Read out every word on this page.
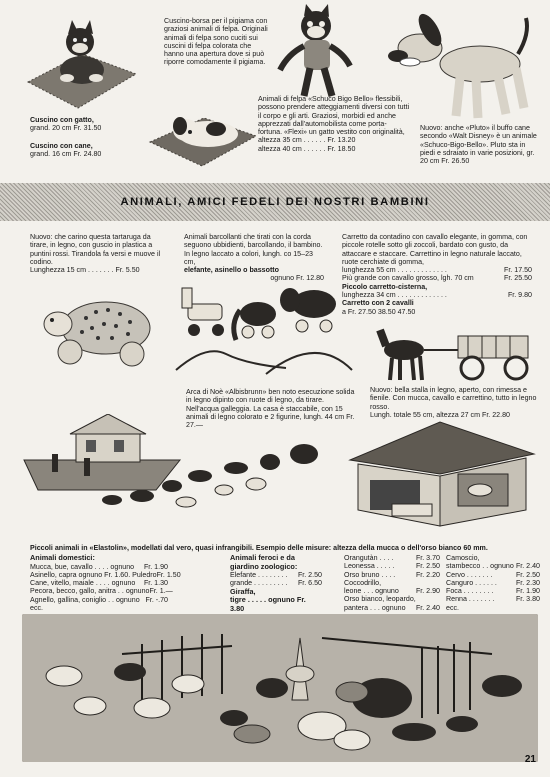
Cuscino-borsa per il pigiama con graziosi animali di felpa. Originali animali di felpa sono cuciti sui cuscini di felpa colorata che hanno una apertura dove si può riporre comodamente il pigiama.
Cuscino con gatto,
grand. 20 cm Fr. 31.50
Cuscino con cane,
grand. 16 cm Fr. 24.80
Animali di felpa «Schuco Bigo Bello» flessibili, possono prendere atteggiamenti diversi con tutti il corpo e gli arti. Graziosi, morbidi ed anche apprezzati dall'automobilista come porta-fortuna. «Flexi» un gatto vestito con originalità,
altezza 35 cm . . . . . . Fr. 13.20
altezza 40 cm . . . . . . Fr. 18.50
Nuovo: anche «Pluto» il buffo cane secondo «Walt Disney» è un animale «Schuco-Bigo-Bello». Pluto sta in piedi e sdraiato in varie posizioni, gr. 20 cm Fr. 26.50
ANIMALI, AMICI FEDELI DEI NOSTRI BAMBINI
Nuovo: che carino questa tartaruga da tirare, in legno, con guscio in plastica a puntini rossi. Tirandola fa versi e muove il codino.
Lunghezza 15 cm . . . . . . . Fr. 5.50
Animali barcollanti che tirati con la corda seguono ubbidienti, barcollando, il bambino. In legno laccato a colori, lungh. co 15–23 cm,
elefante, asinello o bassotto
ognuno Fr. 12.80
Carretto da contadino con cavallo elegante, in gomma, con piccole rotelle sotto gli zoccoli, bardato con gusto, da attaccare e staccare. Carrettino in legno naturale laccato, ruote cerchiate di gomma,
lunghezza 55 cm . . . . . . . . . . . . .	Fr. 17.50
Più grande con cavallo grosso, lgh. 70 cm	Fr. 25.50
Piccolo carretto-cisterna,
lunghezza 34 cm . . . . . . . . . . . . .	Fr. 9.80
Carretto con 2 cavalli
a Fr. 27.50 38.50 47.50
Arca di Noè «Albisbrunn» ben noto esecuzione solida in legno dipinto con ruote di legno, da tirare. Nell'acqua galleggia. La casa è staccabile, con 15 animali di legno colorato e 2 figurine, lungh. 44 cm Fr. 27.—
Nuovo: bella stalla in legno, aperto, con rimessa e fienile. Con mucca, cavallo e carrettino, tutto in legno rosso.
Lungh. totale 55 cm, altezza 27 cm Fr. 22.80
Piccoli animali in «Elastolin», modellati dal vero, quasi infrangibili. Esempio delle misure: altezza della mucca o dell'orso bianco 60 mm.
Animali domestici:
Mucca, bue, cavallo . . . . ognuno Fr. 1.90
Asinello, capra ognuno Fr. 1.60. Puledro Fr. 1.50
Cane, vitello, maiale . . . . ognuno Fr. 1.30
Pecora, becco, gallo, anitra . . ognuno Fr. 1.—
Agnello, gallina, coniglio . . ognuno Fr. -.70
ecc.
Animali feroci e da giardino zoologico:
Elefante . . . . . . . . Fr. 2.50
grande . . . . . . . . . Fr. 6.50
Giraffa,
tigre . . . . . ognuno Fr. 3.80
Orangutàn . . . .	Fr. 3.70
Leonessa . . . . .	Fr. 2.50
Orso bruno . . . .	Fr. 2.20
Coccodrillo,
leone . . . ognuno Fr. 2.90
Orso bianco, leopardo,
pantera . . . ognuno Fr. 2.40
Camoscio,
stambecco . . ognuno Fr. 2.40
Cervo . . . . . . .	Fr. 2.50
Canguro . . . . . .	Fr. 2.30
Foca . . . . . . . .	Fr. 1.90
Renna . . . . . . .	Fr. 3.80
ecc.
21
